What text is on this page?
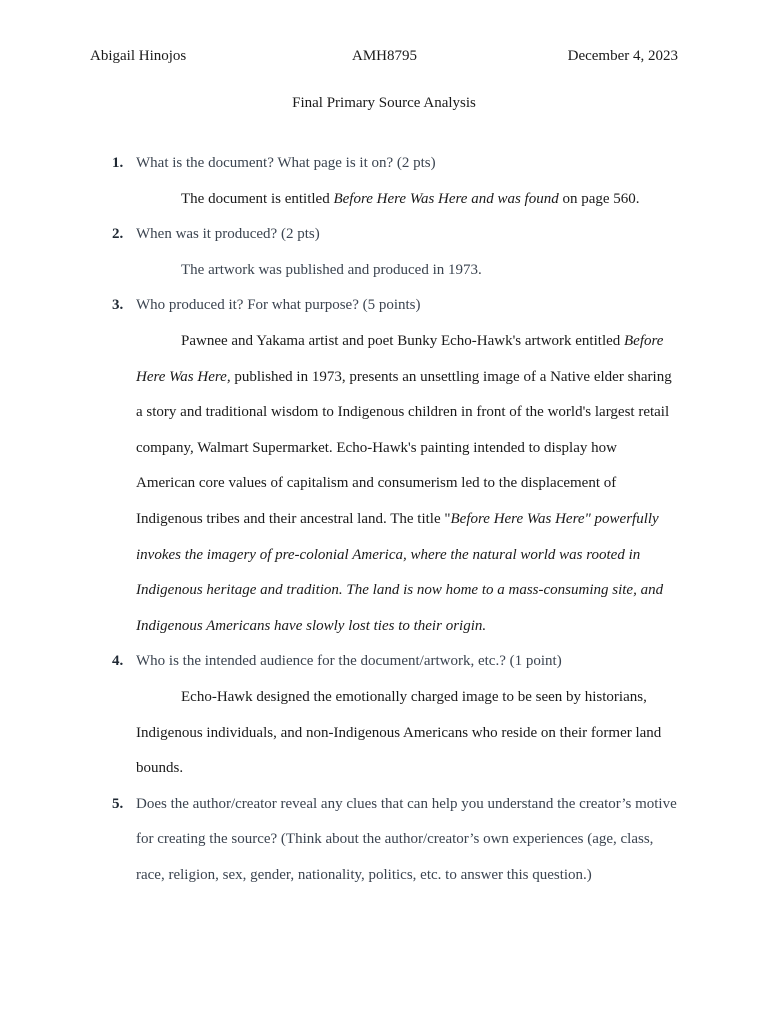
Abigail Hinojos	AMH8795	December 4, 2023
Final Primary Source Analysis
1. What is the document? What page is it on? (2 pts)
The document is entitled Before Here Was Here and was found on page 560.
2. When was it produced? (2 pts)
The artwork was published and produced in 1973.
3. Who produced it? For what purpose? (5 points)
Pawnee and Yakama artist and poet Bunky Echo-Hawk's artwork entitled Before Here Was Here, published in 1973, presents an unsettling image of a Native elder sharing a story and traditional wisdom to Indigenous children in front of the world's largest retail company, Walmart Supermarket. Echo-Hawk's painting intended to display how American core values of capitalism and consumerism led to the displacement of Indigenous tribes and their ancestral land. The title "Before Here Was Here" powerfully invokes the imagery of pre-colonial America, where the natural world was rooted in Indigenous heritage and tradition. The land is now home to a mass-consuming site, and Indigenous Americans have slowly lost ties to their origin.
4. Who is the intended audience for the document/artwork, etc.? (1 point)
Echo-Hawk designed the emotionally charged image to be seen by historians, Indigenous individuals, and non-Indigenous Americans who reside on their former land bounds.
5. Does the author/creator reveal any clues that can help you understand the creator’s motive for creating the source? (Think about the author/creator’s own experiences (age, class, race, religion, sex, gender, nationality, politics, etc. to answer this question.)
